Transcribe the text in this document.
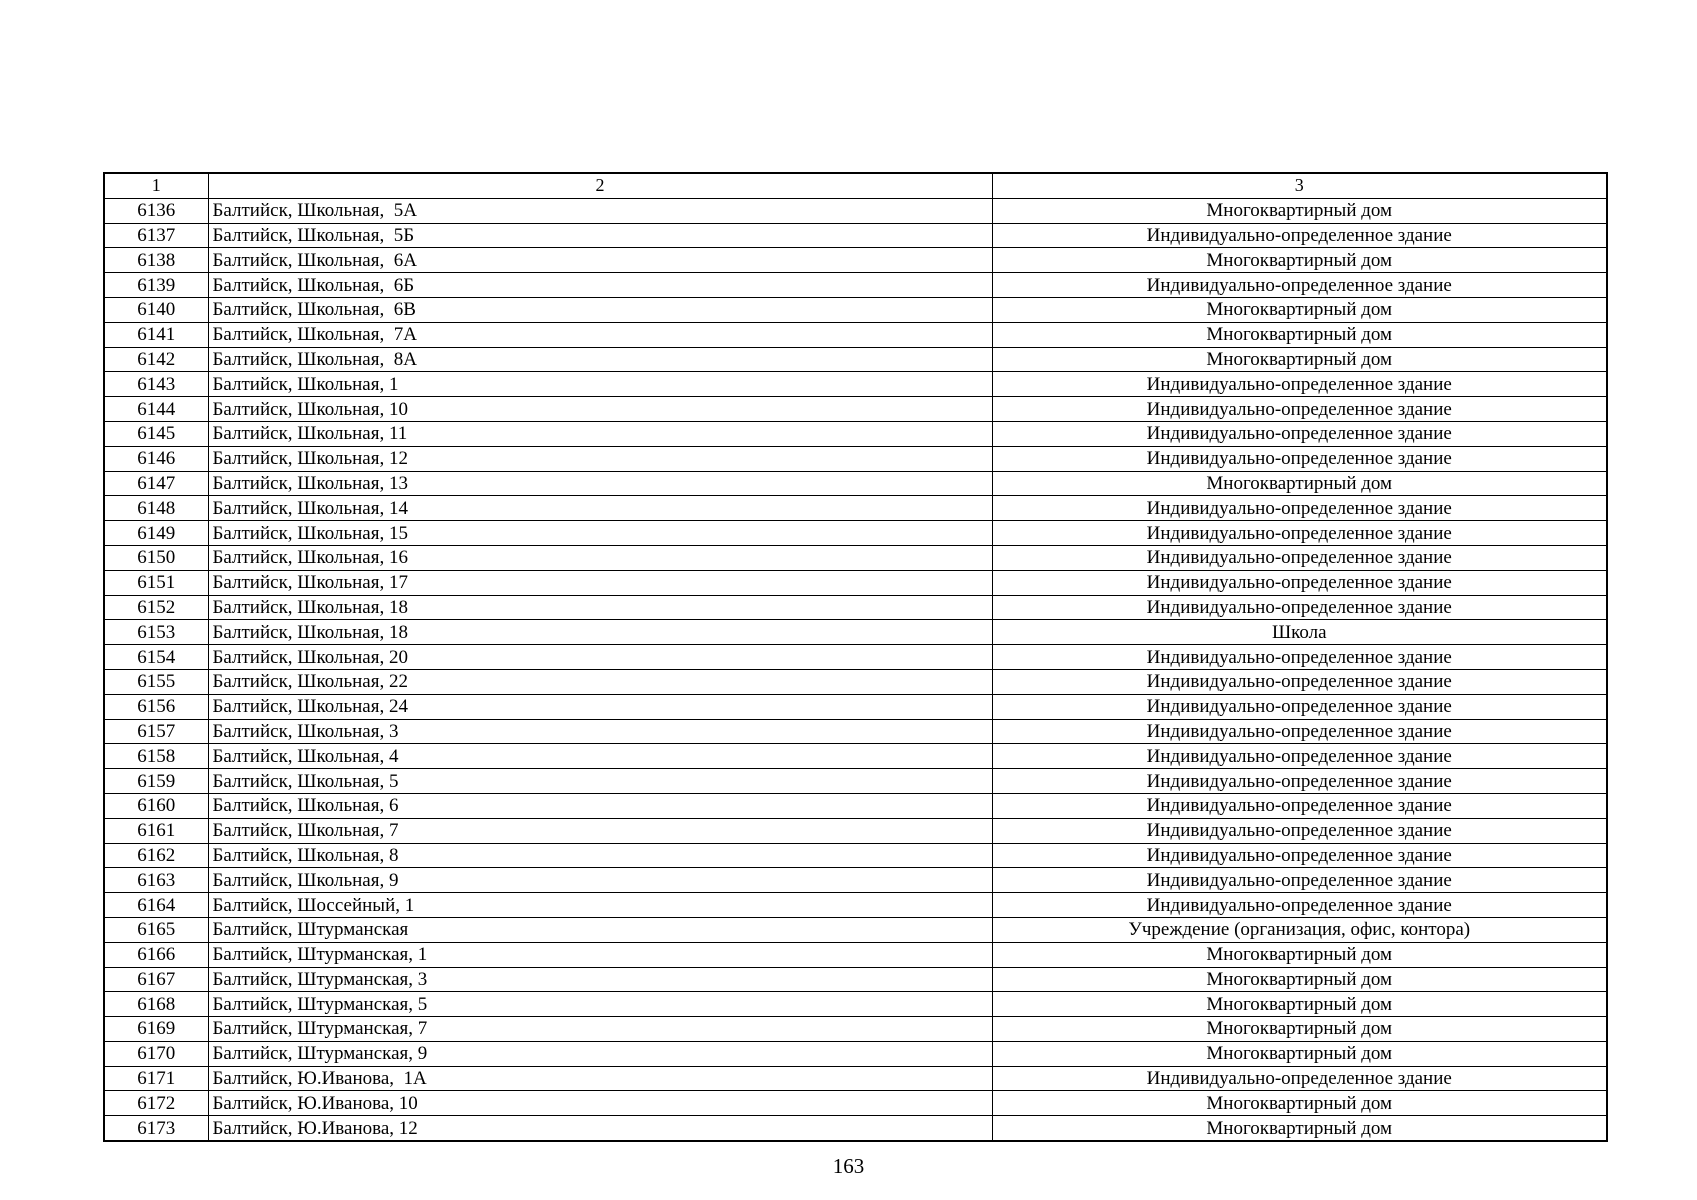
1	2	3
6136	Балтийск, Школьная,  5А	Многоквартирный дом
6137	Балтийск, Школьная,  5Б	Индивидуально-определенное здание
6138	Балтийск, Школьная,  6А	Многоквартирный дом
6139	Балтийск, Школьная,  6Б	Индивидуально-определенное здание
6140	Балтийск, Школьная,  6В	Многоквартирный дом
6141	Балтийск, Школьная,  7А	Многоквартирный дом
6142	Балтийск, Школьная,  8А	Многоквартирный дом
6143	Балтийск, Школьная, 1	Индивидуально-определенное здание
6144	Балтийск, Школьная, 10	Индивидуально-определенное здание
6145	Балтийск, Школьная, 11	Индивидуально-определенное здание
6146	Балтийск, Школьная, 12	Индивидуально-определенное здание
6147	Балтийск, Школьная, 13	Многоквартирный дом
6148	Балтийск, Школьная, 14	Индивидуально-определенное здание
6149	Балтийск, Школьная, 15	Индивидуально-определенное здание
6150	Балтийск, Школьная, 16	Индивидуально-определенное здание
6151	Балтийск, Школьная, 17	Индивидуально-определенное здание
6152	Балтийск, Школьная, 18	Индивидуально-определенное здание
6153	Балтийск, Школьная, 18	Школа
6154	Балтийск, Школьная, 20	Индивидуально-определенное здание
6155	Балтийск, Школьная, 22	Индивидуально-определенное здание
6156	Балтийск, Школьная, 24	Индивидуально-определенное здание
6157	Балтийск, Школьная, 3	Индивидуально-определенное здание
6158	Балтийск, Школьная, 4	Индивидуально-определенное здание
6159	Балтийск, Школьная, 5	Индивидуально-определенное здание
6160	Балтийск, Школьная, 6	Индивидуально-определенное здание
6161	Балтийск, Школьная, 7	Индивидуально-определенное здание
6162	Балтийск, Школьная, 8	Индивидуально-определенное здание
6163	Балтийск, Школьная, 9	Индивидуально-определенное здание
6164	Балтийск, Шоссейный, 1	Индивидуально-определенное здание
6165	Балтийск, Штурманская	Учреждение (организация, офис, контора)
6166	Балтийск, Штурманская, 1	Многоквартирный дом
6167	Балтийск, Штурманская, 3	Многоквартирный дом
6168	Балтийск, Штурманская, 5	Многоквартирный дом
6169	Балтийск, Штурманская, 7	Многоквартирный дом
6170	Балтийск, Штурманская, 9	Многоквартирный дом
6171	Балтийск, Ю.Иванова,  1А	Индивидуально-определенное здание
6172	Балтийск, Ю.Иванова, 10	Многоквартирный дом
6173	Балтийск, Ю.Иванова, 12	Многоквартирный дом
163
